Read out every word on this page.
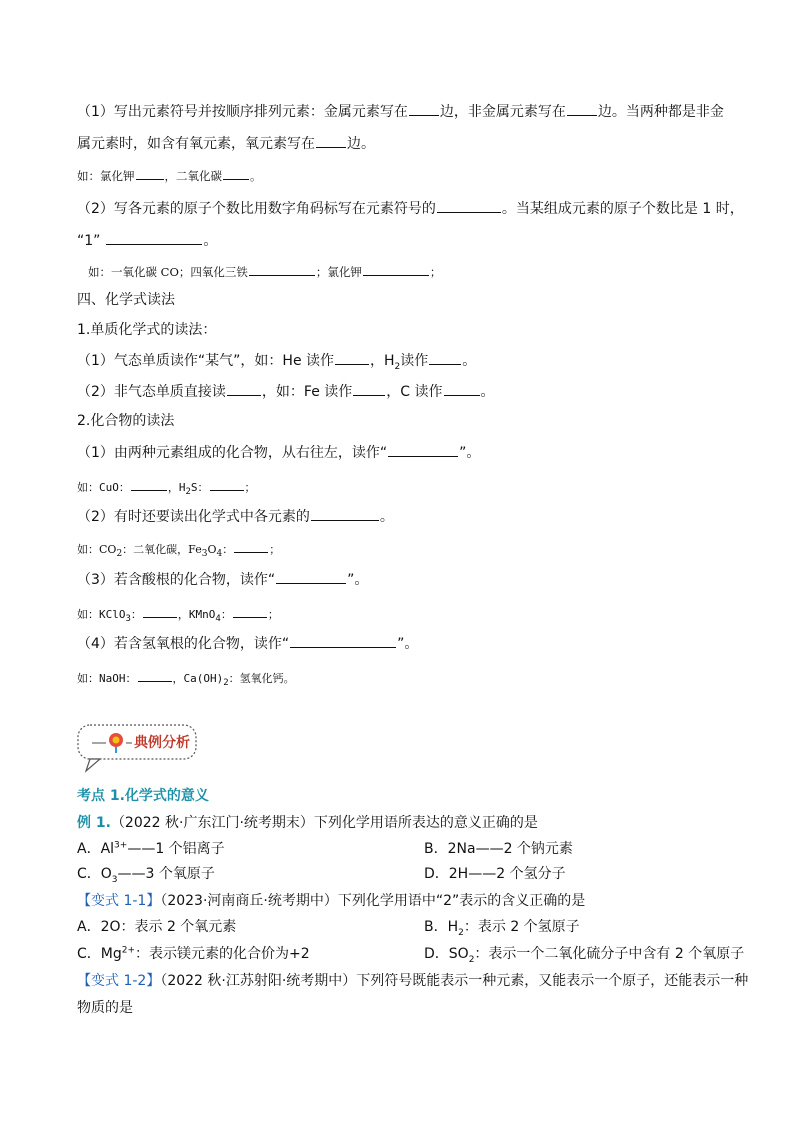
（1）写出元素符号并按顺序排列元素：金属元素写在 边，非金属元素写在 边。当两种都是非金
属元素时，如含有氧元素，氧元素写在 边。
如：氯化钾	，二氧化碳 。
（2）写各元素的原子个数比用数字角码标写在元素符号的	。当某组成元素的原子个数比是 1 时，
“1”	。
如：一氧化碳 CO；四氧化三铁	；氯化钾	；
四、化学式读法
1.单质化学式的读法：
（1）气态单质读作“某气”，如：He 读作	，$H_2$读作 。
（2）非气态单质直接读	，如：Fe 读作 ，C 读作	。
2.化合物的读法
（1）由两种元素组成的化合物，从右往左，读作“	”。
如：CuO：	，$H_2S$：	；
（2）有时还要读出化学式中各元素的	。
如：$CO_2$：二氧化碳，$Fe_3O_4$：	；
（3）若含酸根的化合物，读作“	”。
如：KClO$_3$：	，KMnO$_4$：	；
（4）若含氢氧根的化合物，读作“	”。
如：NaOH：	，$Ca(OH)_2$：氢氧化钙。
典例分析
考点 1.化学式的意义
例 1.（2022 秋·广东江门·统考期末）下列化学用语所表达的意义正确的是
A．$Al^{3+}——1$ 个铝离子	B．2Na——2 个钠元素
C．$O_3——3$ 个氧原子	D．2H——2 个氢分子
【变式 1-1】（2023·河南商丘·统考期中）下列化学用语中“2”表示的含义正确的是
A．2O：表示 2 个氧元素	B．$H_2$：表示 2 个氢原子
C．$Mg^{2+}$：表示镁元素的化合价为+2	D．$SO_2$：表示一个二氧化硫分子中含有 2 个氧原子
【变式 1-2】（2022 秋·江苏射阳·统考期中）下列符号既能表示一种元素，又能表示一个原子，还能表示一种
物质的是
